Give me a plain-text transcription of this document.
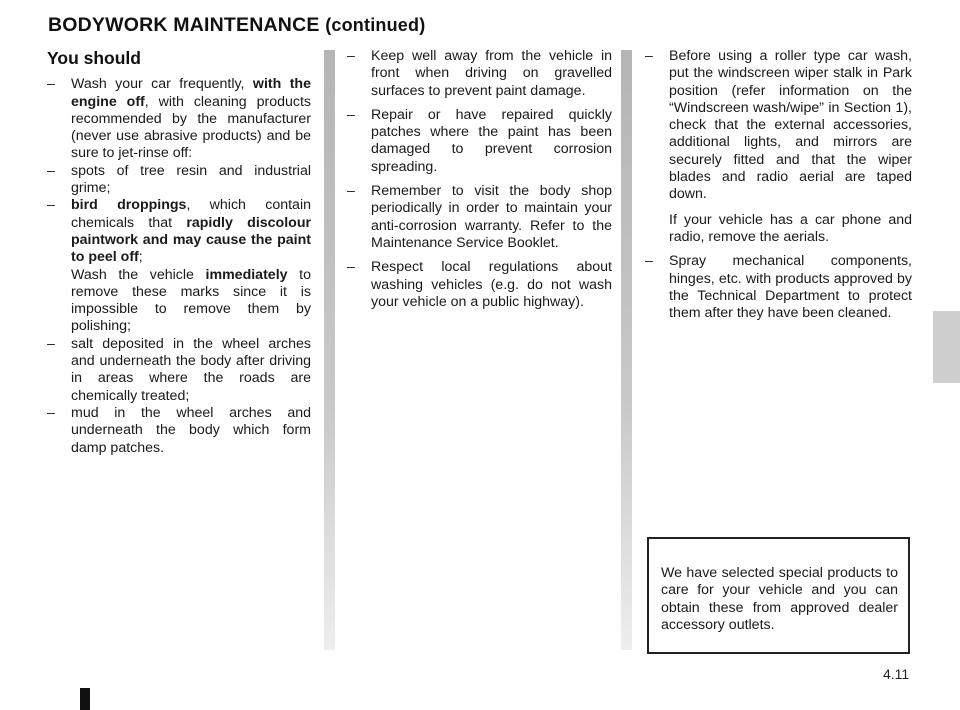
BODYWORK MAINTENANCE (continued)
You should
– Wash your car frequently, with the engine off, with cleaning products recommended by the manufacturer (never use abrasive products) and be sure to jet-rinse off:
– spots of tree resin and industrial grime;
– bird droppings, which contain chemicals that rapidly discolour paintwork and may cause the paint to peel off;
Wash the vehicle immediately to remove these marks since it is impossible to remove them by polishing;
– salt deposited in the wheel arches and underneath the body after driving in areas where the roads are chemically treated;
– mud in the wheel arches and underneath the body which form damp patches.
– Keep well away from the vehicle in front when driving on gravelled surfaces to prevent paint damage.
– Repair or have repaired quickly patches where the paint has been damaged to prevent corrosion spreading.
– Remember to visit the body shop periodically in order to maintain your anti-corrosion warranty. Refer to the Maintenance Service Booklet.
– Respect local regulations about washing vehicles (e.g. do not wash your vehicle on a public highway).
– Before using a roller type car wash, put the windscreen wiper stalk in Park position (refer information on the “Windscreen wash/wipe” in Section 1), check that the external accessories, additional lights, and mirrors are securely fitted and that the wiper blades and radio aerial are taped down.
If your vehicle has a car phone and radio, remove the aerials.
– Spray mechanical components, hinges, etc. with products approved by the Technical Department to protect them after they have been cleaned.
We have selected special products to care for your vehicle and you can obtain these from approved dealer accessory outlets.
4.11
